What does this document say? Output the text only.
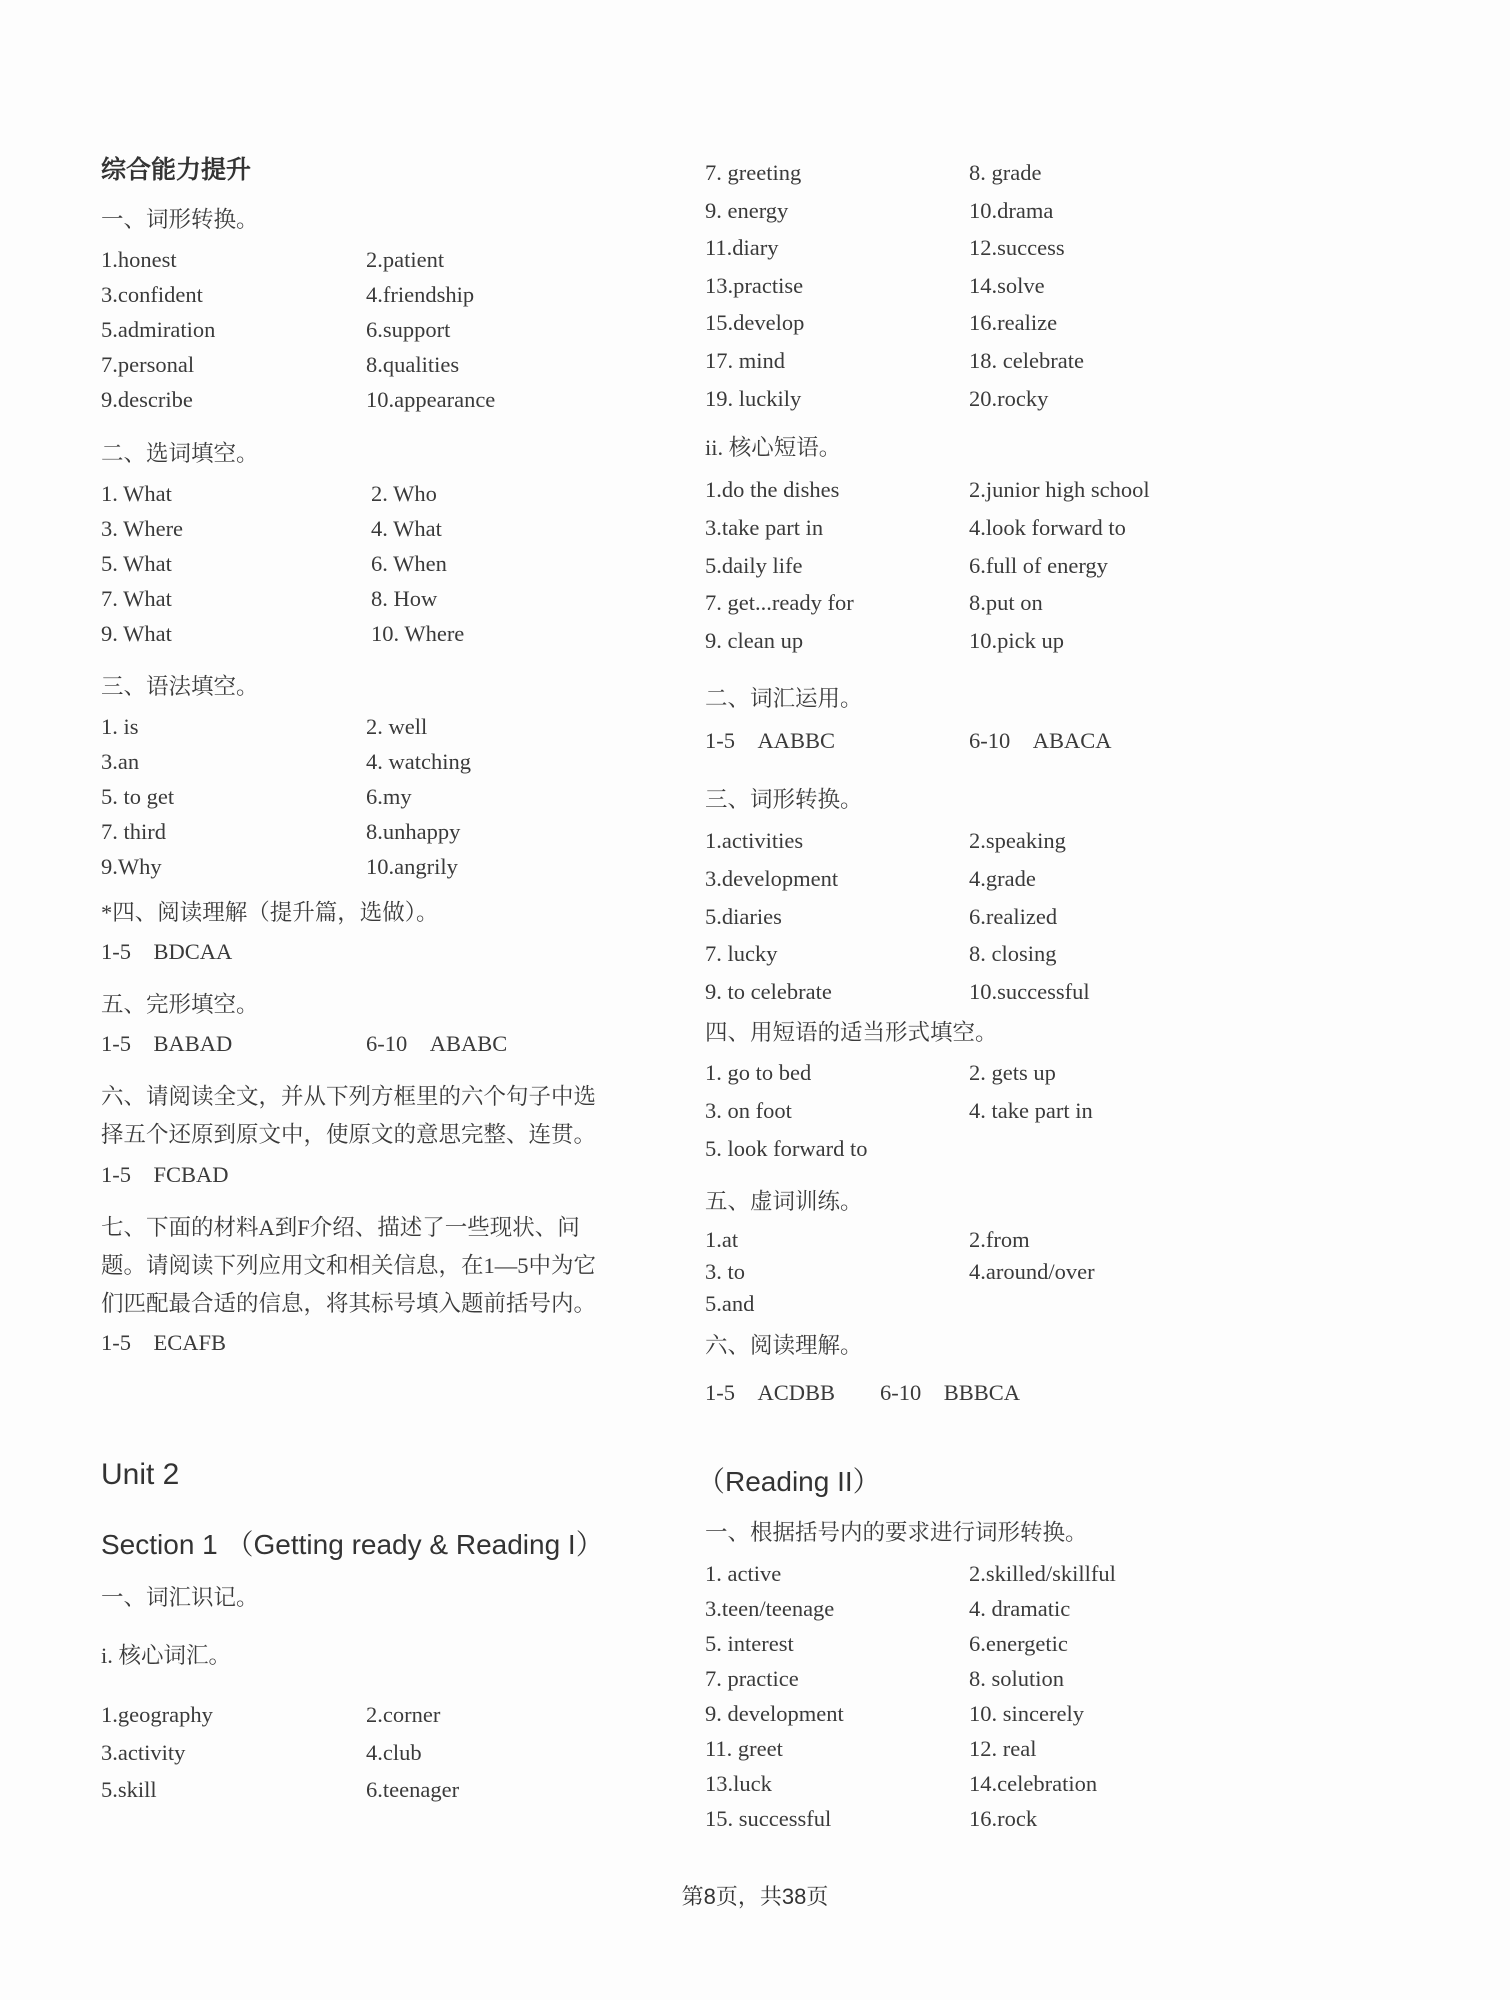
综合能力提升
一、词形转换。
1.honest	2.patient
3.confident	4.friendship
5.admiration	6.support
7.personal	8.qualities
9.describe	10.appearance
二、选词填空。
1. What	2. Who
3. Where	4. What
5. What	6. When
7. What	8. How
9. What	10. Where
三、语法填空。
1. is	2. well
3.an	4. watching
5. to get	6.my
7. third	8.unhappy
9.Why	10.angrily
*四、阅读理解（提升篇，选做）。
1-5　BDCAA
五、完形填空。
1-5　BABAD	6-10　ABABC
六、请阅读全文，并从下列方框里的六个句子中选
择五个还原到原文中，使原文的意思完整、连贯。
1-5　FCBAD
七、下面的材料A到F介绍、描述了一些现状、问
题。请阅读下列应用文和相关信息，在1—5中为它
们匹配最合适的信息，将其标号填入题前括号内。
1-5　ECAFB
Unit 2
Section 1 （Getting ready & Reading I）
一、词汇识记。
i. 核心词汇。
1.geography	2.corner
3.activity	4.club
5.skill	6.teenager
7. greeting	8. grade
9. energy	10.drama
11.diary	12.success
13.practise	14.solve
15.develop	16.realize
17. mind	18. celebrate
19. luckily	20.rocky
ii. 核心短语。
1.do the dishes	2.junior high school
3.take part in	4.look forward to
5.daily life	6.full of energy
7. get...ready for	8.put on
9. clean up	10.pick up
二、词汇运用。
1-5　AABBC	6-10　ABACA
三、词形转换。
1.activities	2.speaking
3.development	4.grade
5.diaries	6.realized
7. lucky	8. closing
9. to celebrate	10.successful
四、用短语的适当形式填空。
1. go to bed	2. gets up
3. on foot	4. take part in
5. look forward to
五、虚词训练。
1.at	2.from
3. to	4.around/over
5.and
六、阅读理解。
1-5　ACDBB　　6-10　BBBCA
（Reading II）
一、根据括号内的要求进行词形转换。
1. active	2.skilled/skillful
3.teen/teenage	4. dramatic
5. interest	6.energetic
7. practice	8. solution
9. development	10. sincerely
11. greet	12. real
13.luck	14.celebration
15. successful	16.rock
第8页，共38页
